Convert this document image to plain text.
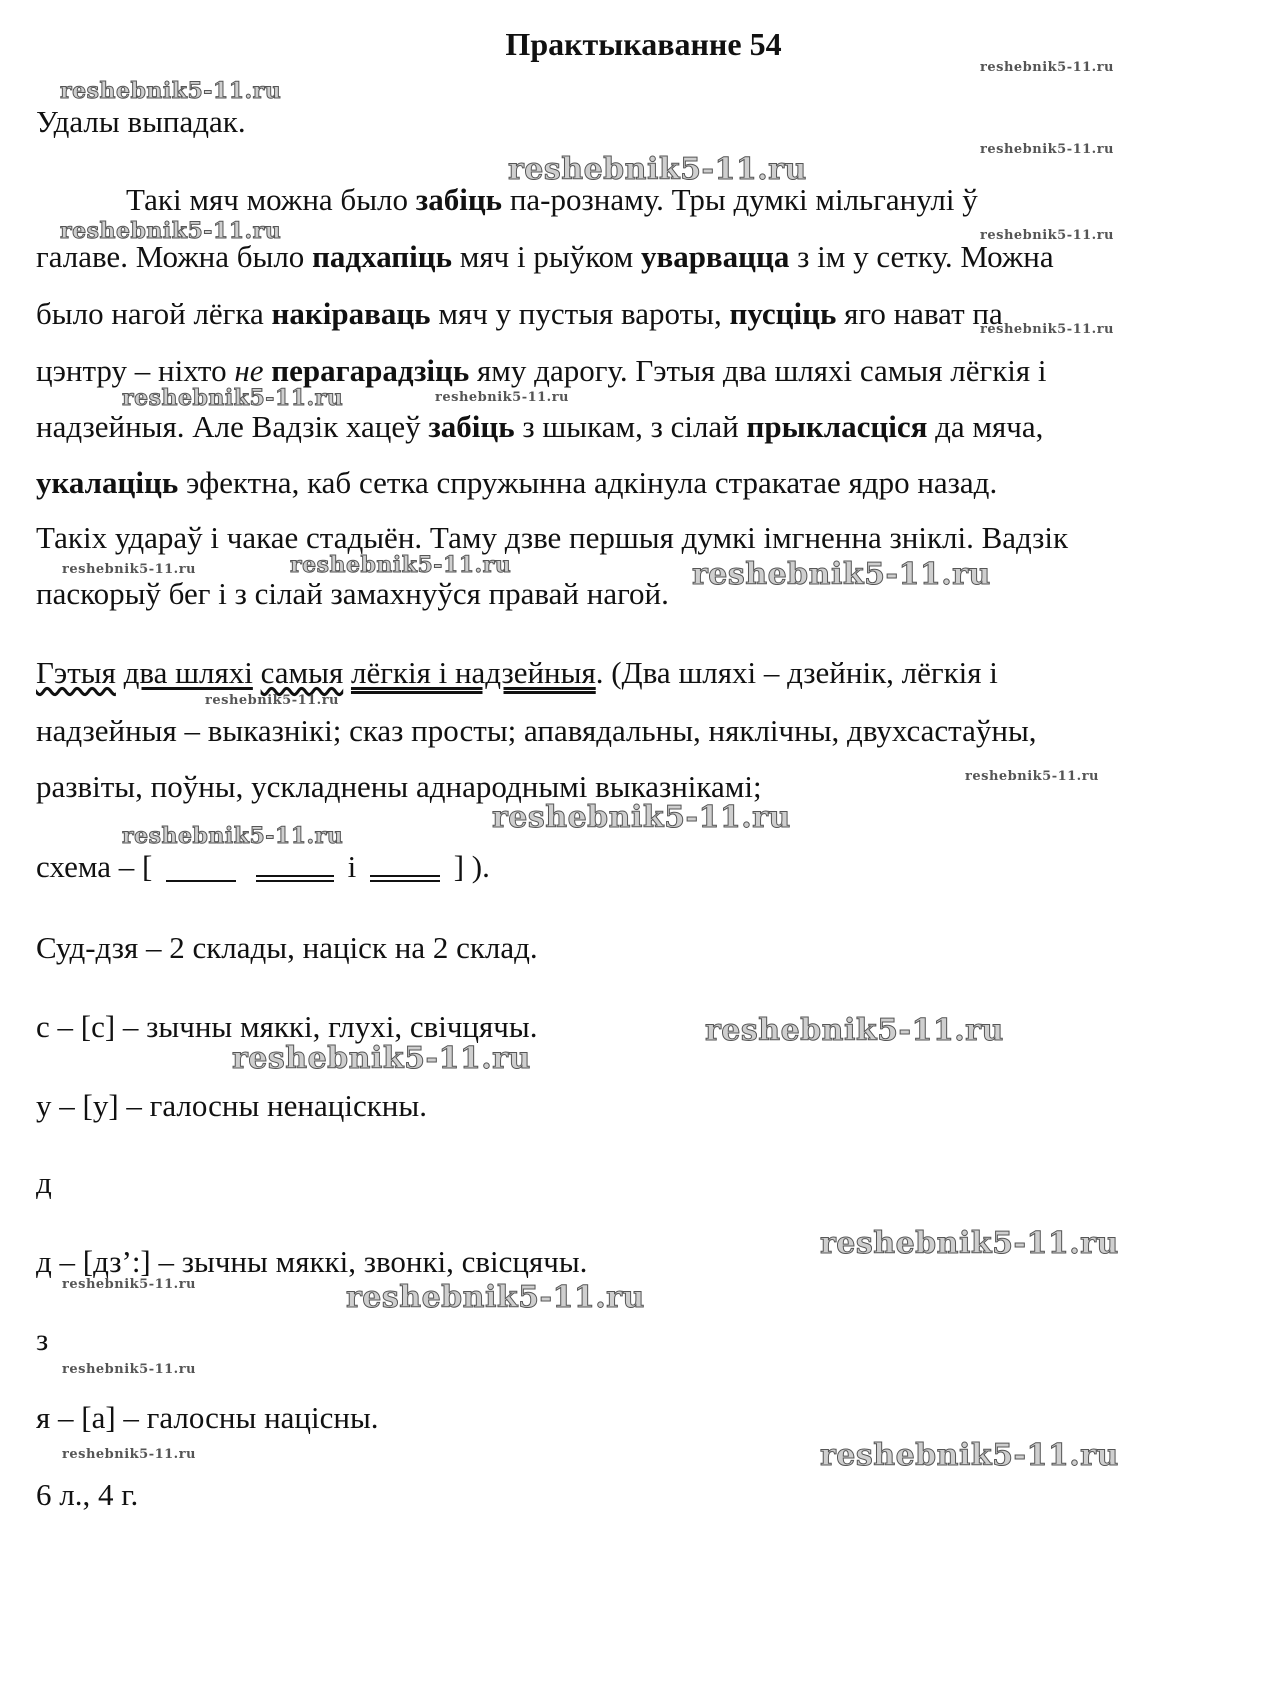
Практыкаванне 54
Удалы выпадак.
Такі мяч можна было забіць па-рознаму. Тры думкі мільганулі ў
галаве. Можна было падхапіць мяч і рыўком уварвацца з ім у сетку. Можна
было нагой лёгка накіраваць мяч у пустыя вароты, пусціць яго нават па
цэнтру – ніхто не перагарадзіць яму дарогу. Гэтыя два шляхі самыя лёгкія і
надзейныя. Але Вадзік хацеў забіць з шыкам, з сілай прыкласціся да мяча,
укалаціць эфектна, каб сетка спружынна адкінула стракатае ядро назад.
Такіх удараў і чакае стадыён. Таму дзве першыя думкі імгненна зніклі. Вадзік
паскорыў бег і з сілай замахнуўся правай нагой.
Гэтыя два шляхі самыя лёгкія і надзейныя. (Два шляхі – дзейнік, лёгкія і
надзейныя – выказнікі; сказ просты; апавядальны, няклічны, двухсастаўны,
развіты, поўны, ускладнены аднароднымі выказнікамі;
схема – [	і	] ).
Суд-дзя – 2 склады, націск на 2 склад.
с – [с] – зычны мяккі, глухі, свічцячы.
у – [у] – галосны ненаціскны.
д
д – [дз’:] – зычны мяккі, звонкі, свісцячы.
з
я – [а] – галосны націсны.
6 л., 4 г.
reshebnik5-11.ru
reshebnik5-11.ru
reshebnik5-11.ru
reshebnik5-11.ru
reshebnik5-11.ru	reshebnik5-11.ru
reshebnik5-11.ru
reshebnik5-11.ru	reshebnik5-11.ru
reshebnik5-11.ru	reshebnik5-11.ru	reshebnik5-11.ru
reshebnik5-11.ru
reshebnik5-11.ru
reshebnik5-11.ru
reshebnik5-11.ru
reshebnik5-11.ru
reshebnik5-11.ru
reshebnik5-11.ru
reshebnik5-11.ru	reshebnik5-11.ru
reshebnik5-11.ru
reshebnik5-11.ru	reshebnik5-11.ru
